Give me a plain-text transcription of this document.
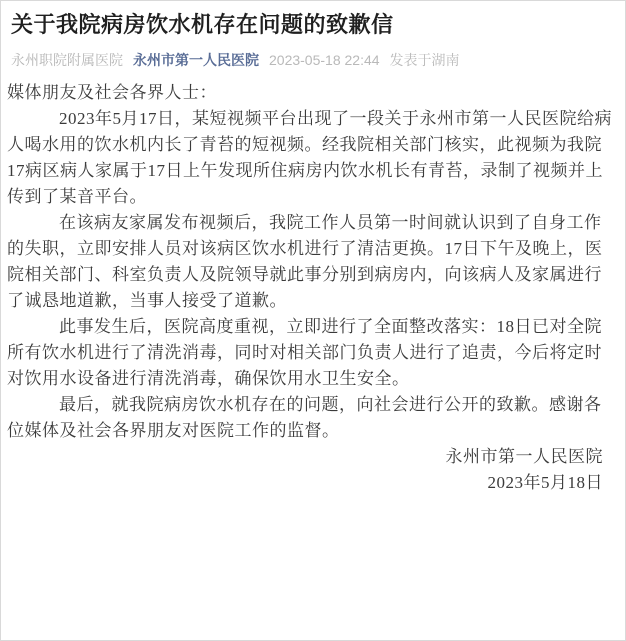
关于我院病房饮水机存在问题的致歉信
永州职院附属医院 永州市第一人民医院 2023-05-18 22:44 发表于湖南

媒体朋友及社会各界人士：

2023年5月17日，某短视频平台出现了一段关于永州市第一人民医院给病人喝水用的饮水机内长了青苔的短视频。经我院相关部门核实，此视频为我院17病区病人家属于17日上午发现所住病房内饮水机长有青苔，录制了视频并上传到了某音平台。

在该病友家属发布视频后，我院工作人员第一时间就认识到了自身工作的失职，立即安排人员对该病区饮水机进行了清洁更换。17日下午及晚上，医院相关部门、科室负责人及院领导就此事分别到病房内，向该病人及家属进行了诚恳地道歉，当事人接受了道歉。

此事发生后，医院高度重视，立即进行了全面整改落实：18日已对全院所有饮水机进行了清洗消毒，同时对相关部门负责人进行了追责，今后将定时对饮用水设备进行清洗消毒，确保饮用水卫生安全。

最后，就我院病房饮水机存在的问题，向社会进行公开的致歉。感谢各位媒体及社会各界朋友对医院工作的监督。

永州市第一人民医院

2023年5月18日
